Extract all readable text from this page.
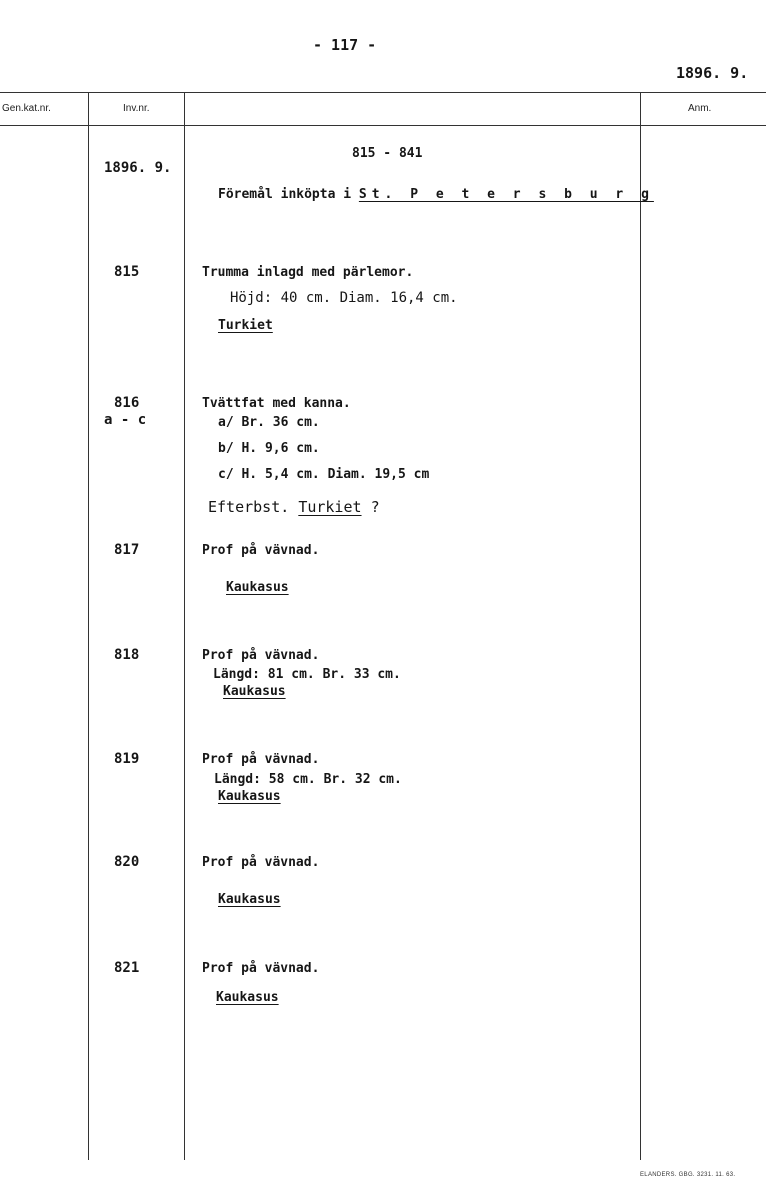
- 117 -
1896. 9.
Gen.kat.nr.	Inv.nr.	Anm.
1896. 9.
815 - 841
Föremål inköpta i St. P e t e r s b u r g
815	Trumma inlagd med pärlemor.
Höjd: 40 cm. Diam. 16,4 cm.
Turkiet
816
a - c
Tvättfat med kanna.
a/ Br. 36 cm.
b/ H. 9,6 cm.
c/ H. 5,4 cm. Diam. 19,5 cm
Efterbst. Turkiet ?
817	Prof på vävnad.
Kaukasus
818	Prof på vävnad.
Längd: 81 cm. Br. 33 cm.
Kaukasus
819	Prof på vävnad.
Längd: 58 cm. Br. 32 cm.
Kaukasus
820	Prof på vävnad.
Kaukasus
821	Prof på vävnad.
Kaukasus
ELANDERS. GBG. 3231. 11. 63.
